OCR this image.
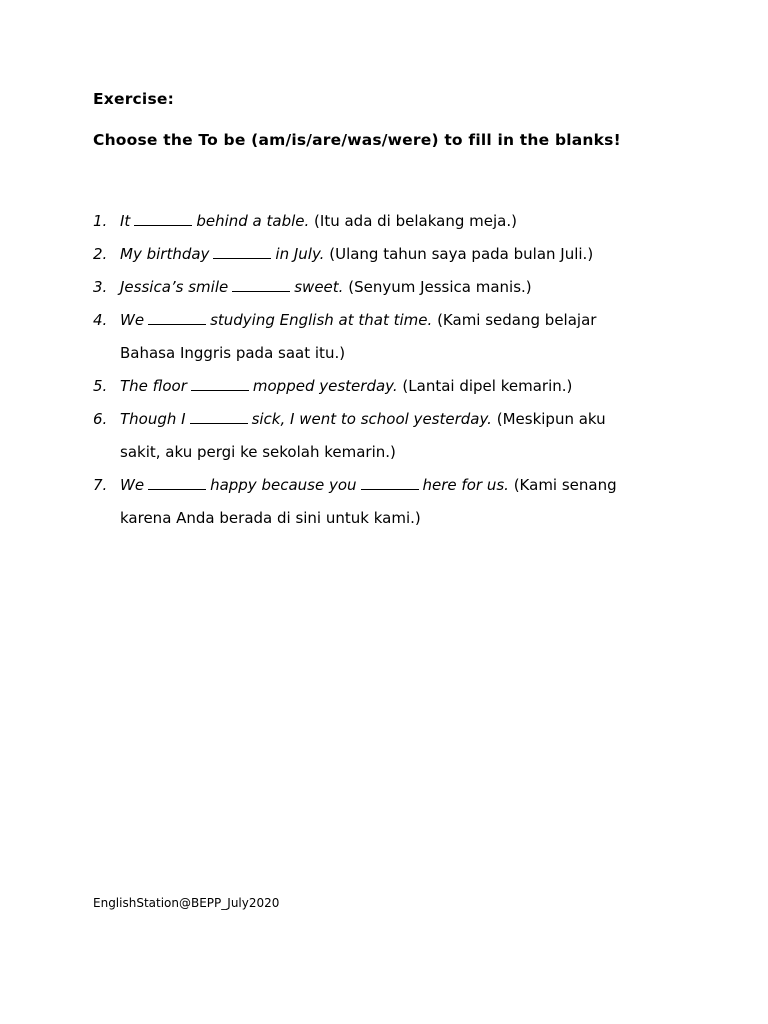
Exercise:
Choose the To be (am/is/are/was/were) to fill in the blanks!
1. It	behind a table. (Itu ada di belakang meja.)
2. My birthday	in July. (Ulang tahun saya pada bulan Juli.)
3. Jessica’s smile	sweet. (Senyum Jessica manis.)
4. We	studying English at that time. (Kami sedang belajar
Bahasa Inggris pada saat itu.)
5. The floor	mopped yesterday. (Lantai dipel kemarin.)
6. Though I	sick, I went to school yesterday. (Meskipun aku
sakit, aku pergi ke sekolah kemarin.)
7. We	happy because you	here for us. (Kami senang
karena Anda berada di sini untuk kami.)
EnglishStation@BEPP_July2020
